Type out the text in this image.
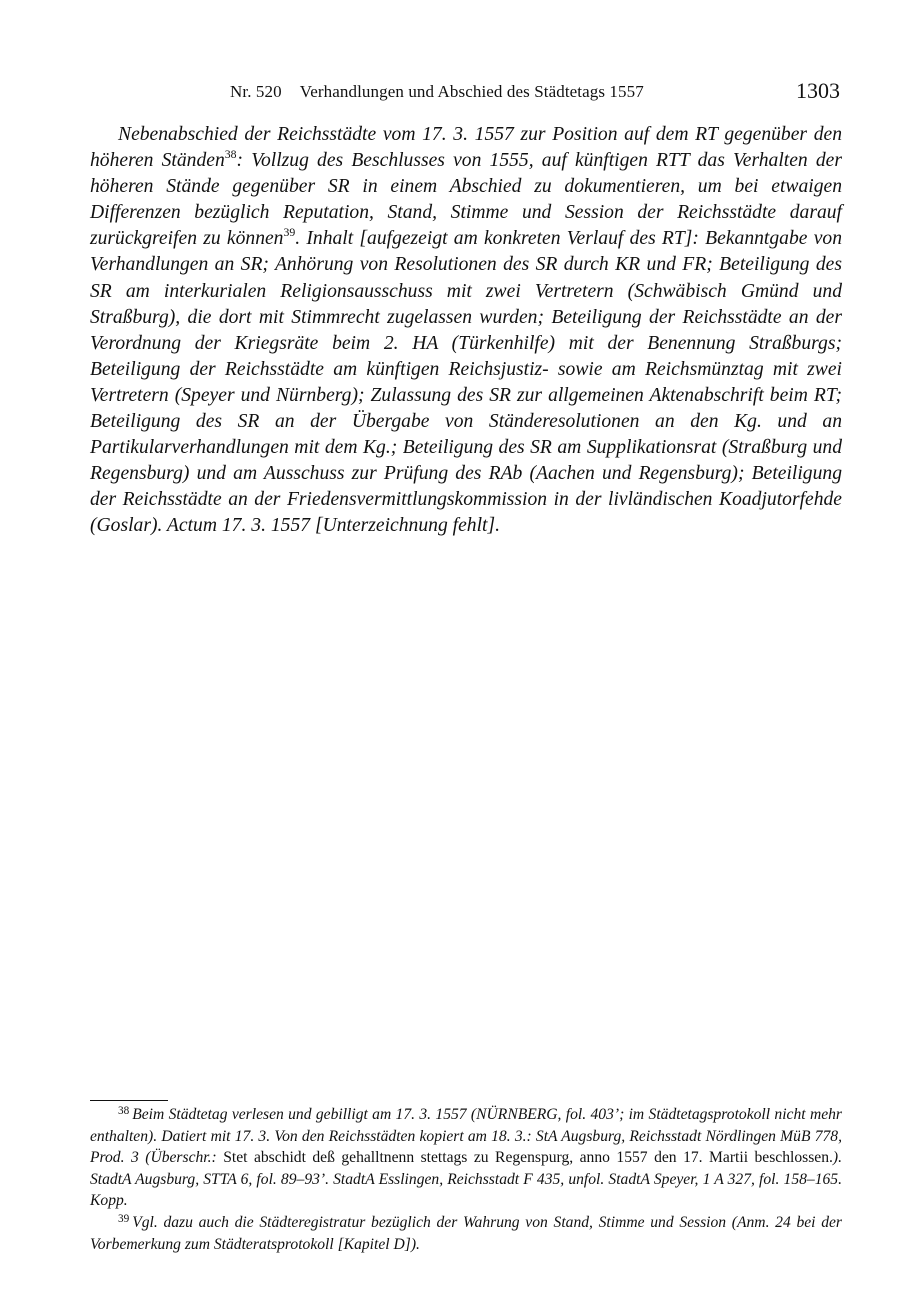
Nr. 520 Verhandlungen und Abschied des Städtetags 1557	1303

Nebenabschied der Reichsstädte vom 17. 3. 1557 zur Position auf dem RT gegenüber den höheren Ständen$^{38}$: Vollzug des Beschlusses von 1555, auf künftigen RTT das Verhalten der höheren Stände gegenüber SR in einem Abschied zu dokumentieren, um bei etwaigen Differenzen bezüglich Reputation, Stand, Stimme und Session der Reichsstädte darauf zurückgreifen zu können$^{39}$. Inhalt [aufgezeigt am konkreten Verlauf des RT]: Bekanntgabe von Verhandlungen an SR; Anhörung von Resolutionen des SR durch KR und FR; Beteiligung des SR am interkurialen Religionsausschuss mit zwei Vertretern (Schwäbisch Gmünd und Straßburg), die dort mit Stimmrecht zugelassen wurden; Beteiligung der Reichsstädte an der Verordnung der Kriegsräte beim 2. HA (Türkenhilfe) mit der Benennung Straßburgs; Beteiligung der Reichsstädte am künftigen Reichsjustiz- sowie am Reichsmünztag mit zwei Vertretern (Speyer und Nürnberg); Zulassung des SR zur allgemeinen Aktenabschrift beim RT; Beteiligung des SR an der Übergabe von Ständeresolutionen an den Kg. und an Partikularverhandlungen mit dem Kg.; Beteiligung des SR am Supplikationsrat (Straßburg und Regensburg) und am Ausschuss zur Prüfung des RAb (Aachen und Regensburg); Beteiligung der Reichsstädte an der Friedensvermittlungskommission in der livländischen Koadjutorfehde (Goslar). Actum 17. 3. 1557 [Unterzeichnung fehlt].

$^{38}$ Beim Städtetag verlesen und gebilligt am 17. 3. 1557 (NÜRNBERG, fol. 403’; im Städtetagsprotokoll nicht mehr enthalten). Datiert mit 17. 3. Von den Reichsstädten kopiert am 18. 3.: StA Augsburg, Reichsstadt Nördlingen MüB 778, Prod. 3 (Überschr.: Stet abschidt deß gehalltnenn stettags zu Regenspurg, anno 1557 den 17. Martii beschlossen.). StadtA Augsburg, STTA 6, fol. 89–93’. StadtA Esslingen, Reichsstadt F 435, unfol. StadtA Speyer, 1 A 327, fol. 158–165. Kopp.

$^{39}$ Vgl. dazu auch die Städteregistratur bezüglich der Wahrung von Stand, Stimme und Session (Anm. 24 bei der Vorbemerkung zum Städteratsprotokoll [Kapitel D]).
